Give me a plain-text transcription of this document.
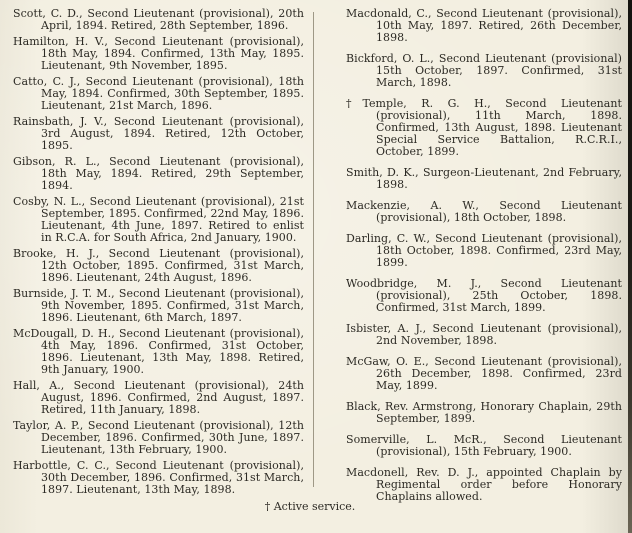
Scott, C. D., Second Lieutenant (provisional), 20th April, 1894. Retired, 28th September, 1896.

Hamilton, H. V., Second Lieutenant (provisional), 18th May, 1894. Confirmed, 13th May, 1895. Lieutenant, 9th November, 1895.

Catto, C. J., Second Lieutenant (provisional), 18th May, 1894. Confirmed, 30th September, 1895. Lieutenant, 21st March, 1896.

Rainsbath, J. V., Second Lieutenant (provisional), 3rd August, 1894. Retired, 12th October, 1895.

Gibson, R. L., Second Lieutenant (provisional), 18th May, 1894. Retired, 29th September, 1894.

Cosby, N. L., Second Lieutenant (provisional), 21st September, 1895. Confirmed, 22nd May, 1896. Lieutenant, 4th June, 1897. Retired to enlist in R.C.A. for South Africa, 2nd January, 1900.

Brooke, H. J., Second Lieutenant (provisional), 12th October, 1895. Confirmed, 31st March, 1896. Lieutenant, 24th August, 1896.

Burnside, J. T. M., Second Lieutenant (provisional), 9th November, 1895. Confirmed, 31st March, 1896. Lieutenant, 6th March, 1897.

McDougall, D. H., Second Lieutenant (provisional), 4th May, 1896. Confirmed, 31st October, 1896. Lieutenant, 13th May, 1898. Retired, 9th January, 1900.

Hall, A., Second Lieutenant (provisional), 24th August, 1896. Confirmed, 2nd August, 1897. Retired, 11th January, 1898.

Taylor, A. P., Second Lieutenant (provisional), 12th December, 1896. Confirmed, 30th June, 1897. Lieutenant, 13th February, 1900.

Harbottle, C. C., Second Lieutenant (provisional), 30th December, 1896. Confirmed, 31st March, 1897. Lieutenant, 13th May, 1898.

Macdonald, C., Second Lieutenant (provisional), 10th May, 1897. Retired, 26th December, 1898.

Bickford, O. L., Second Lieutenant (provisional) 15th October, 1897. Confirmed, 31st March, 1898.

†Temple, R. G. H., Second Lieutenant (provisional), 11th March, 1898. Confirmed, 13th August, 1898. Lieutenant Special Service Battalion, R.C.R.I., October, 1899.

Smith, D. K., Surgeon-Lieutenant, 2nd February, 1898.

Mackenzie, A. W., Second Lieutenant (provisional), 18th October, 1898.

Darling, C. W., Second Lieutenant (provisional), 18th October, 1898. Confirmed, 23rd May, 1899.

Woodbridge, M. J., Second Lieutenant (provisional), 25th October, 1898. Confirmed, 31st March, 1899.

Isbister, A. J., Second Lieutenant (provisional), 2nd November, 1898.

McGaw, O. E., Second Lieutenant (provisional), 26th December, 1898. Confirmed, 23rd May, 1899.

Black, Rev. Armstrong, Honorary Chaplain, 29th September, 1899.

Somerville, L. McR., Second Lieutenant (provisional), 15th February, 1900.

Macdonell, Rev. D. J., appointed Chaplain by Regimental order before Honorary Chaplains allowed.

† Active service.
